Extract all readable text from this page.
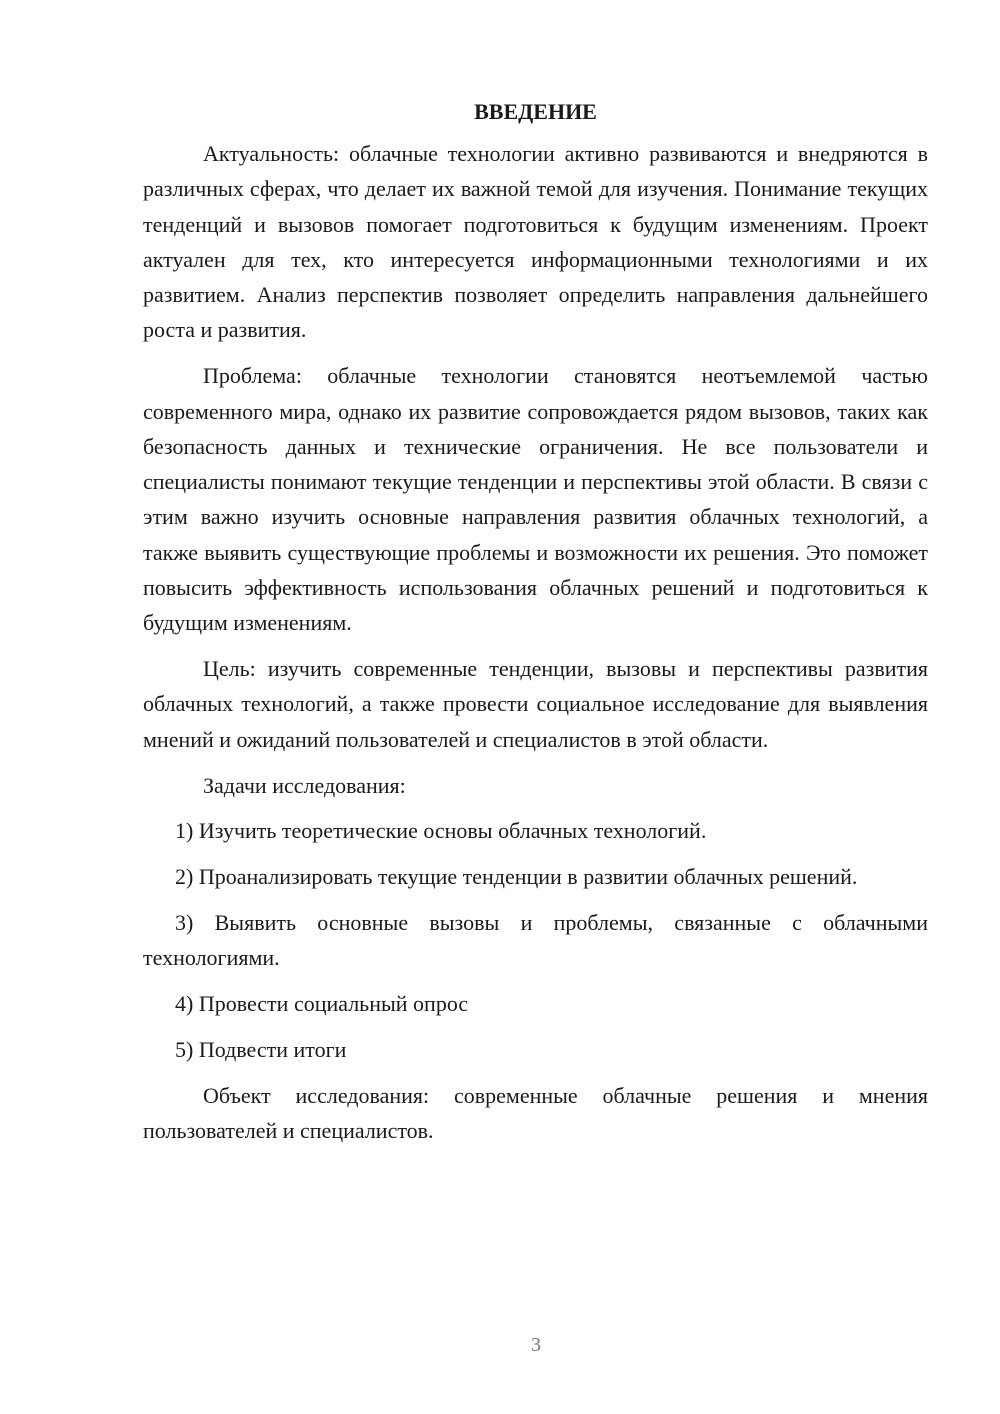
ВВЕДЕНИЕ

Актуальность: облачные технологии активно развиваются и внедряются в различных сферах, что делает их важной темой для изучения. Понимание текущих тенденций и вызовов помогает подготовиться к будущим изменениям. Проект актуален для тех, кто интересуется информационными технологиями и их развитием. Анализ перспектив позволяет определить направления дальнейшего роста и развития.

Проблема: облачные технологии становятся неотъемлемой частью современного мира, однако их развитие сопровождается рядом вызовов, таких как безопасность данных и технические ограничения. Не все пользователи и специалисты понимают текущие тенденции и перспективы этой области. В связи с этим важно изучить основные направления развития облачных технологий, а также выявить существующие проблемы и возможности их решения. Это поможет повысить эффективность использования облачных решений и подготовиться к будущим изменениям.

Цель: изучить современные тенденции, вызовы и перспективы развития облачных технологий, а также провести социальное исследование для выявления мнений и ожиданий пользователей и специалистов в этой области.

Задачи исследования:

1) Изучить теоретические основы облачных технологий.

2) Проанализировать текущие тенденции в развитии облачных решений.

3) Выявить основные вызовы и проблемы, связанные с облачными технологиями.

4) Провести социальный опрос

5) Подвести итоги

Объект исследования: современные облачные решения и мнения пользователей и специалистов.

3
